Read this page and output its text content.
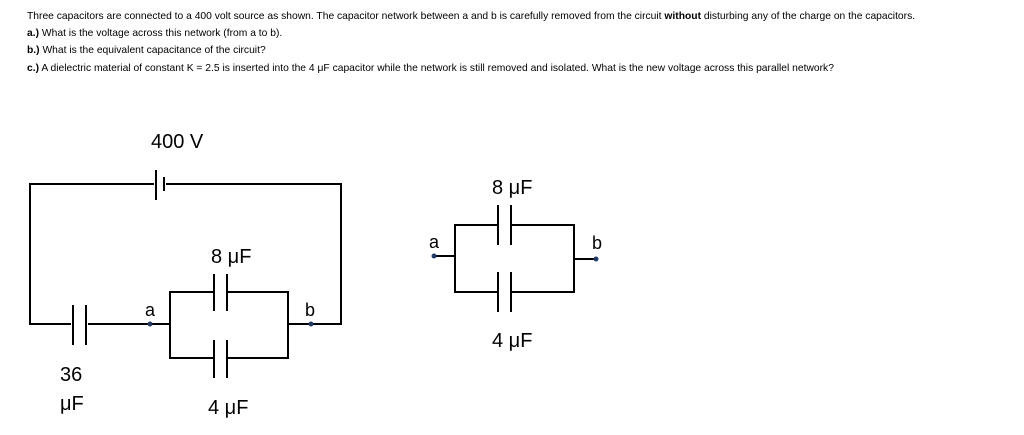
Three capacitors are connected to a 400 volt source as shown. The capacitor network between a and b is carefully removed from the circuit without disturbing any of the charge on the capacitors.

a.) What is the voltage across this network (from a to b).

b.) What is the equivalent capacitance of the circuit?

c.) A dielectric material of constant K = 2.5 is inserted into the 4 μF capacitor while the network is still removed and isolated. What is the new voltage across this parallel network?

400 V
36
μF
8 μF
4 μF
a	b
8 μF
4 μF
a	b
